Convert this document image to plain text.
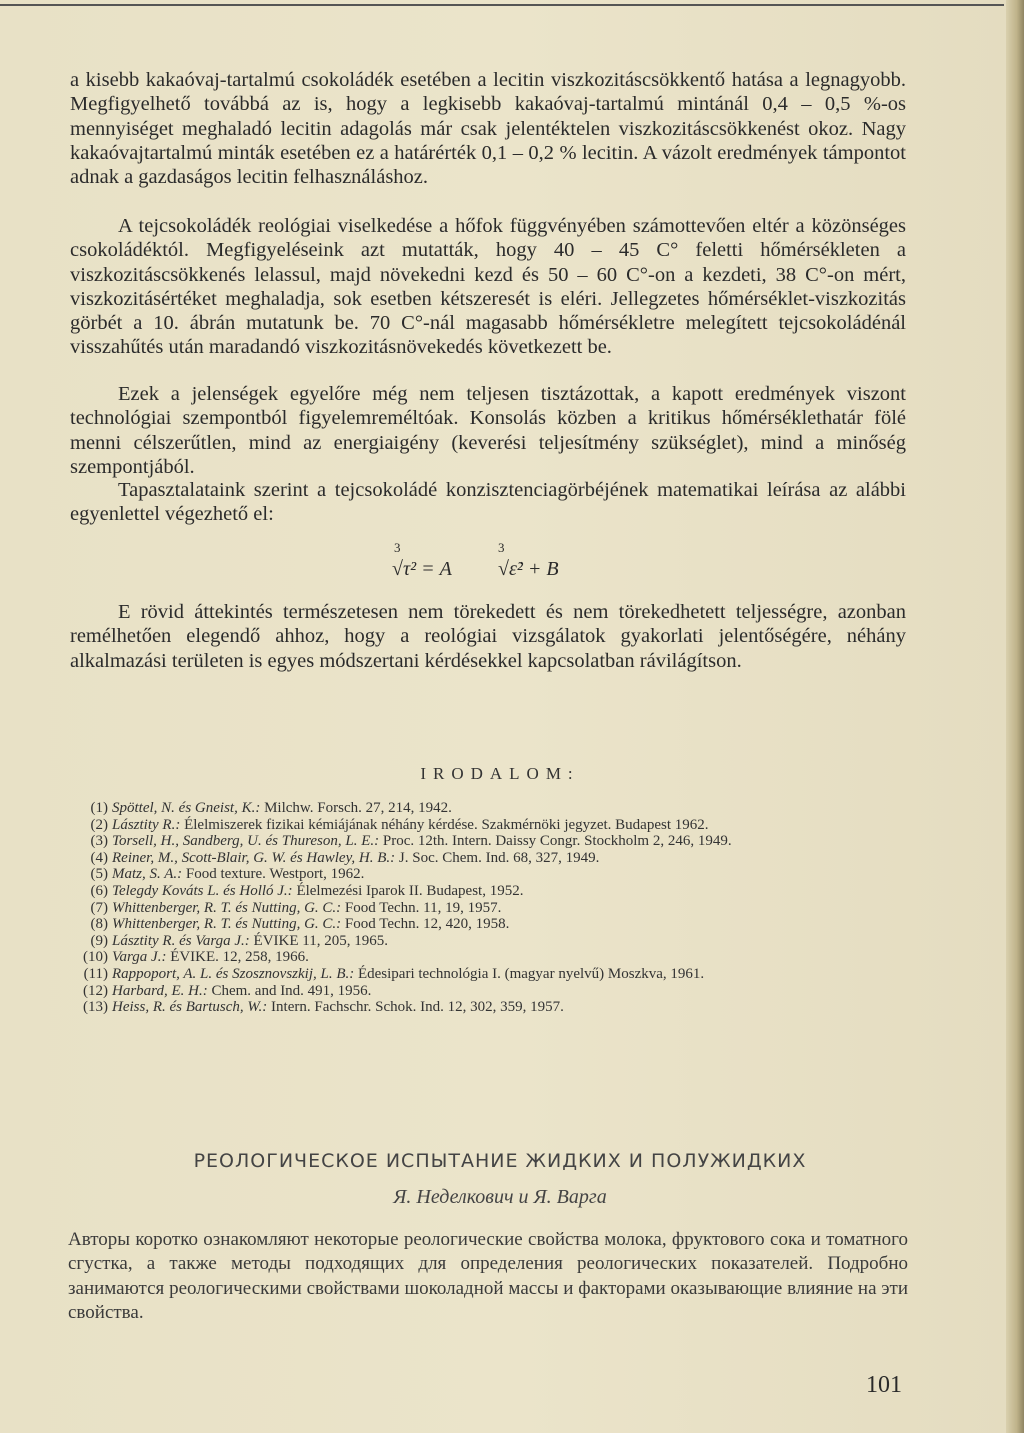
a kisebb kakaóvaj-tartalmú csokoládék esetében a lecitin viszkozitáscsökkentő hatása a legnagyobb. Megfigyelhető továbbá az is, hogy a legkisebb kakaóvaj-tartalmú mintánál 0,4 – 0,5 %-os mennyiséget meghaladó lecitin adagolás már csak jelentéktelen viszkozitáscsökkenést okoz. Nagy kakaóvajtartalmú minták esetében ez a határérték 0,1 – 0,2 % lecitin. A vázolt eredmények támpontot adnak a gazdaságos lecitin felhasználáshoz.

A tejcsokoládék reológiai viselkedése a hőfok függvényében számottevően eltér a közönséges csokoládéktól. Megfigyeléseink azt mutatták, hogy 40 – 45 C° feletti hőmérsékleten a viszkozitáscsökkenés lelassul, majd növekedni kezd és 50 – 60 C°-on a kezdeti, 38 C°-on mért, viszkozitásértéket meghaladja, sok esetben kétszeresét is eléri. Jellegzetes hőmérséklet-viszkozitás görbét a 10. ábrán mutatunk be. 70 C°-nál magasabb hőmérsékletre melegített tejcsokoládénál visszahűtés után maradandó viszkozitásnövekedés következett be.

Ezek a jelenségek egyelőre még nem teljesen tisztázottak, a kapott eredmények viszont technológiai szempontból figyelemreméltóak. Konsolás közben a kritikus hőmérséklethatár fölé menni célszerűtlen, mind az energiaigény (keverési teljesítmény szükséglet), mind a minőség szempontjából.

Tapasztalataink szerint a tejcsokoládé konzisztenciagörbéjének matematikai leírása az alábbi egyenlettel végezhető el:

3	3
√τ² = A √ε̇² + B

E rövid áttekintés természetesen nem törekedett és nem törekedhetett teljességre, azonban remélhetően elegendő ahhoz, hogy a reológiai vizsgálatok gyakorlati jelentőségére, néhány alkalmazási területen is egyes módszertani kérdésekkel kapcsolatban rávilágítson.

IRODALOM:
(1) Spöttel, N. és Gneist, K.: Milchw. Forsch. 27, 214, 1942.
(2) Lásztity R.: Élelmiszerek fizikai kémiájának néhány kérdése. Szakmérnöki jegyzet. Budapest 1962.
(3) Torsell, H., Sandberg, U. és Thureson, L. E.: Proc. 12th. Intern. Daissy Congr. Stockholm 2, 246, 1949.
(4) Reiner, M., Scott-Blair, G. W. és Hawley, H. B.: J. Soc. Chem. Ind. 68, 327, 1949.
(5) Matz, S. A.: Food texture. Westport, 1962.
(6) Telegdy Kováts L. és Holló J.: Élelmezési Iparok II. Budapest, 1952.
(7) Whittenberger, R. T. és Nutting, G. C.: Food Techn. 11, 19, 1957.
(8) Whittenberger, R. T. és Nutting, G. C.: Food Techn. 12, 420, 1958.
(9) Lásztity R. és Varga J.: ÉVIKE 11, 205, 1965.
(10) Varga J.: ÉVIKE. 12, 258, 1966.
(11) Rappoport, A. L. és Szosznovszkij, L. B.: Édesipari technológia I. (magyar nyelvű) Moszkva, 1961.
(12) Harbard, E. H.: Chem. and Ind. 491, 1956.
(13) Heiss, R. és Bartusch, W.: Intern. Fachschr. Schok. Ind. 12, 302, 359, 1957.
РЕОЛОГИЧЕСКОЕ ИСПЫТАНИЕ ЖИДКИХ И ПОЛУЖИДКИХ
Я. Неделкович и Я. Варга
Авторы коротко ознакомляют некоторые реологические свойства молока, фруктового сока и томатного сгустка, а также методы подходящих для определения реологических показателей. Подробно занимаются реологическими свойствами шоколадной массы и факторами оказывающие влияние на эти свойства.
101
